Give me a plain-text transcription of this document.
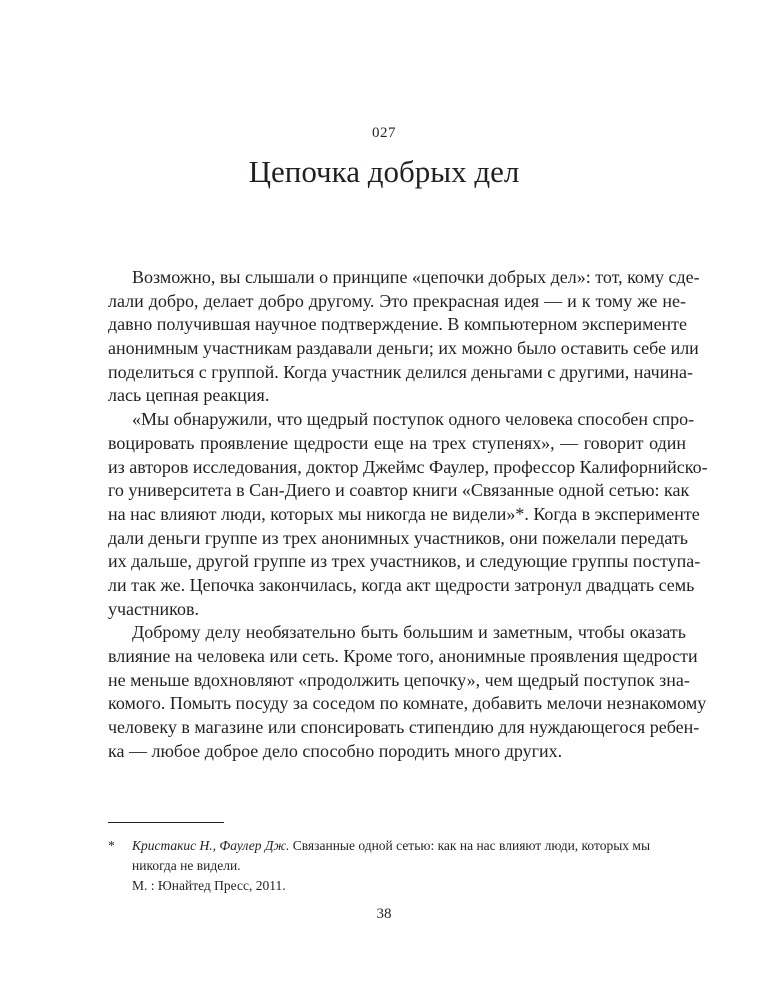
027
Цепочка добрых дел
Возможно, вы слышали о принципе «цепочки добрых дел»: тот, кому сде-
лали добро, делает добро другому. Это прекрасная идея — и к тому же не-
давно получившая научное подтверждение. В компьютерном эксперименте
анонимным участникам раздавали деньги; их можно было оставить себе или
поделиться с группой. Когда участник делился деньгами с другими, начина-
лась цепная реакция.
«Мы обнаружили, что щедрый поступок одного человека способен спро-
воцировать проявление щедрости еще на трех ступенях», — говорит один
из авторов исследования, доктор Джеймс Фаулер, профессор Калифорнийско-
го университета в Сан-Диего и соавтор книги «Связанные одной сетью: как
на нас влияют люди, которых мы никогда не видели»*. Когда в эксперименте
дали деньги группе из трех анонимных участников, они пожелали передать
их дальше, другой группе из трех участников, и следующие группы поступа-
ли так же. Цепочка закончилась, когда акт щедрости затронул двадцать семь
участников.
Доброму делу необязательно быть большим и заметным, чтобы оказать
влияние на человека или сеть. Кроме того, анонимные проявления щедрости
не меньше вдохновляют «продолжить цепочку», чем щедрый поступок зна-
комого. Помыть посуду за соседом по комнате, добавить мелочи незнакомому
человеку в магазине или спонсировать стипендию для нуждающегося ребен-
ка — любое доброе дело способно породить много других.
* Кристакис Н., Фаулер Дж. Связанные одной сетью: как на нас влияют люди, которых мы никогда не видели.
М. : Юнайтед Пресс, 2011.
38
